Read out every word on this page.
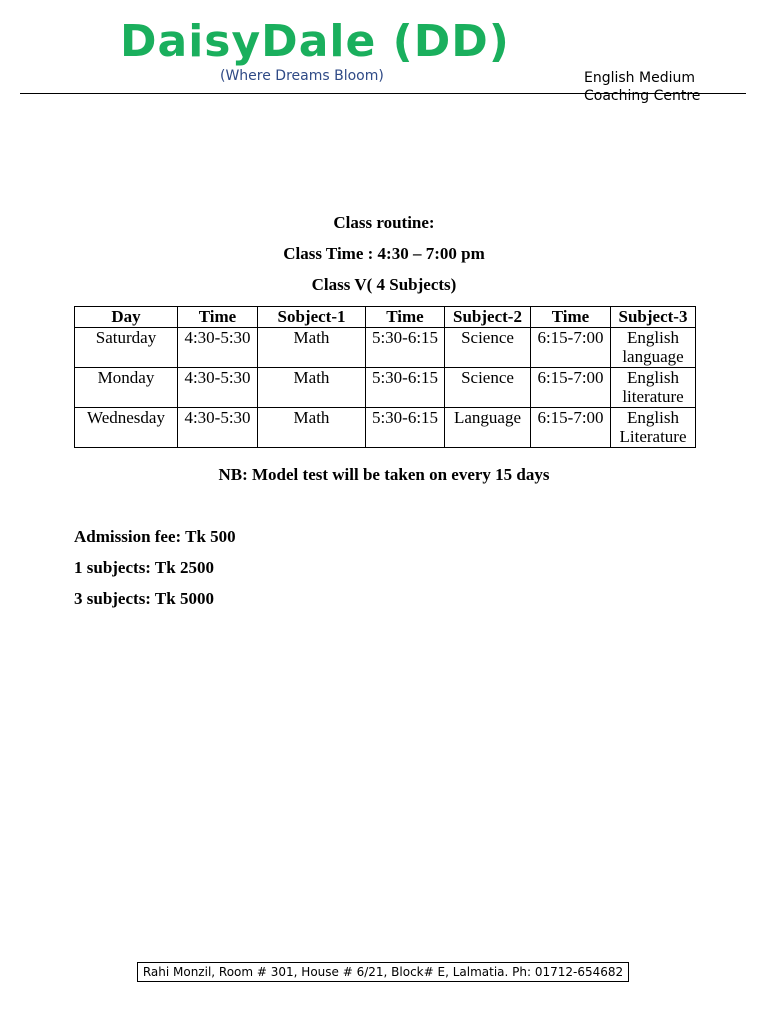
DaisyDale (DD)
(Where Dreams Bloom)	English Medium
Coaching Centre
Class routine:
Class Time : 4:30 – 7:00 pm
Class V( 4 Subjects)
Day	Time	Sobject-1	Time	Subject-2	Time	Subject-3
Saturday	4:30-5:30	Math	5:30-6:15	Science	6:15-7:00	English language
Monday	4:30-5:30	Math	5:30-6:15	Science	6:15-7:00	English literature
Wednesday	4:30-5:30	Math	5:30-6:15	Language	6:15-7:00	English Literature
NB: Model test will be taken on every 15 days
Admission fee: Tk 500
1 subjects: Tk 2500
3 subjects: Tk 5000
Rahi Monzil, Room # 301, House # 6/21, Block# E, Lalmatia. Ph: 01712-654682
